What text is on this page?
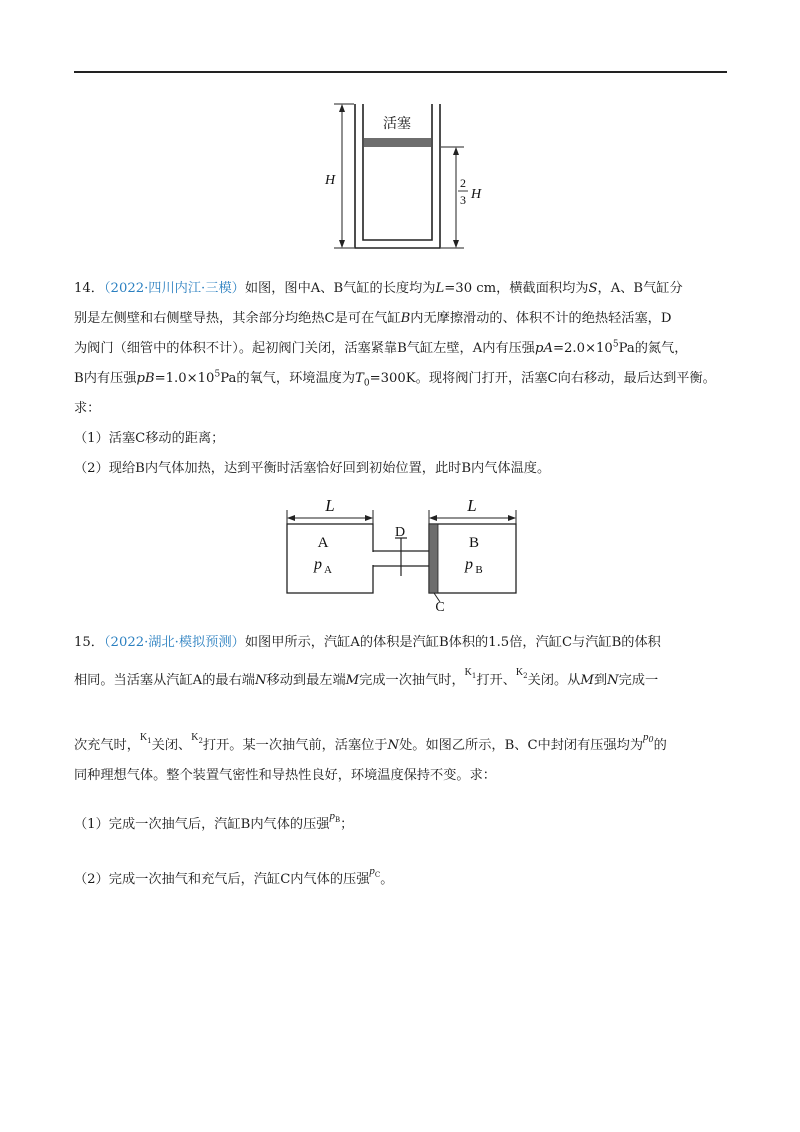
活塞
H	2
3 H

14．（2022·四川内江·三模）如图，图中A、B气缸的长度均为L=30 cm，横截面积均为S，A、B气缸分

别是左侧壁和右侧壁导热，其余部分均绝热C是可在气缸B内无摩擦滑动的、体积不计的绝热轻活塞，D

为阀门（细管中的体积不计）。起初阀门关闭，活塞紧靠B气缸左壁，A内有压强$pA=2.0\times 10^5Pa$的氮气，

B内有压强$pB=1.0\times 10^5Pa$的氧气，环境温度为$T_0=300K$。现将阀门打开，活塞C向右移动，最后达到平衡。

求：

（1）活塞C移动的距离；

（2）现给B内气体加热，达到平衡时活塞恰好回到初始位置，此时B内气体温度。

L	L
D
C
A
p A
B
p B

15．（2022·湖北·模拟预测）如图甲所示，汽缸A的体积是汽缸B体积的1.5倍，汽缸C与汽缸B的体积

相同。当活塞从汽缸A的最右端N移动到最左端M完成一次抽气时，$^K_1$打开、$^K_2$关闭。从M到N完成一

次充气时，$^K_1$关闭、$^K_2$打开。某一次抽气前，活塞位于N处。如图乙所示，B、C中封闭有压强均为$^p_0$的

同种理想气体。整个装置气密性和导热性良好，环境温度保持不变。求：

（1）完成一次抽气后，汽缸B内气体的压强$^p_B$；

（2）完成一次抽气和充气后，汽缸C内气体的压强$^p_C$。
